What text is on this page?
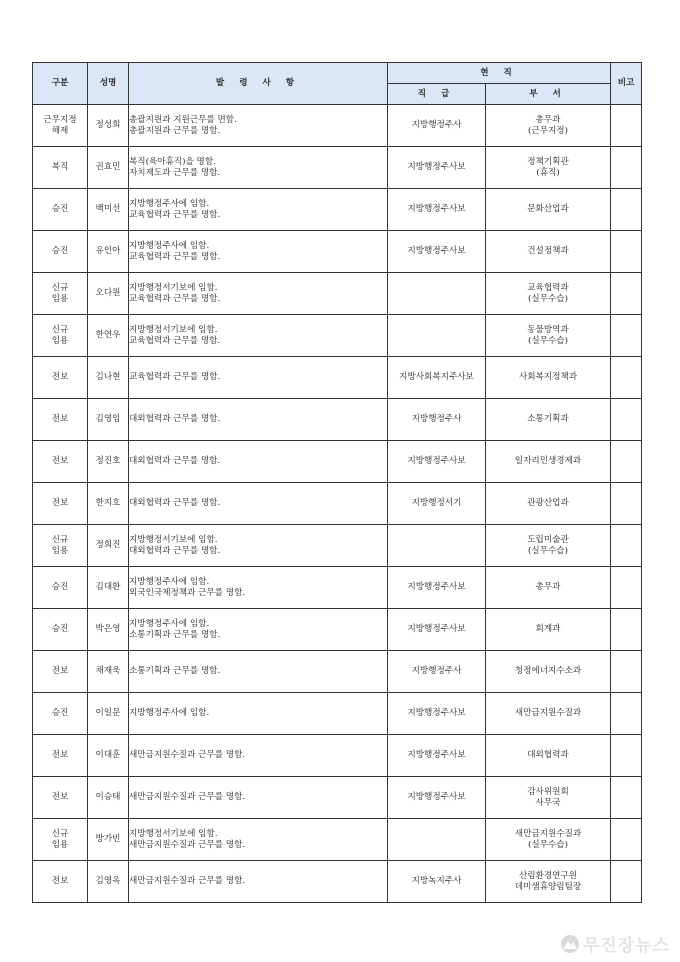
구분	성명	발 령 사 항	현 직		비고
			직 급	부 서	

근무지정
해제	정성희	총괄지원과 지원근무를 면함.
총괄지원과 근무를 명함.	지방행정주사	총무과
(근무지정)	

복직	권효민	복직(육아휴직)을 명함.
자치제도과 근무를 명함.	지방행정주사보	정책기획관
(휴직)	

승진	백미선	지방행정주사에 임함.
교육협력과 근무를 명함.	지방행정주사보	문화산업과	

승진	유인아	지방행정주사에 임함.
교육협력과 근무를 명함.	지방행정주사보	건설정책과	

신규
임용	오다원	지방행정서기보에 임함.
교육협력과 근무를 명함.		교육협력과
(실무수습)	

신규
임용	한연우	지방행정서기보에 임함.
교육협력과 근무를 명함.		동물방역과
(실무수습)	

전보	김나현	교육협력과 근무를 명함.	지방사회복지주사보	사회복지정책과	

전보	김영임	대외협력과 근무를 명함.	지방행정주사	소통기획과	

전보	정진호	대외협력과 근무를 명함.	지방행정주사보	일자리민생경제과	

전보	한지호	대외협력과 근무를 명함.	지방행정서기	관광산업과	

신규
임용	정희진	지방행정서기보에 임함.
대외협력과 근무를 명함.		도립미술관
(실무수습)	

승진	김대환	지방행정주사에 임함.
외국인국제정책과 근무를 명함.	지방행정주사보	총무과	

승진	박은영	지방행정주사에 임함.
소통기획과 근무를 명함.	지방행정주사보	회계과	

전보	채재욱	소통기획과 근무를 명함.	지방행정주사	청정에너지수소과	

승진	이일문	지방행정주사에 임함.	지방행정주사보	새만금지원수질과	

전보	이대훈	새만금지원수질과 근무를 명함.	지방행정주사보	대외협력과	

전보	이승태	새만금지원수질과 근무를 명함.	지방행정주사보	감사위원회
사무국	

신규
임용	방가빈	지방행정서기보에 임함.
새만금지원수질과 근무를 명함.		새만금지원수질과
(실무수습)	

전보	김영옥	새만금지원수질과 근무를 명함.	지방녹지주사	산림환경연구원
데미샘휴양림팀장	

무진장뉴스
